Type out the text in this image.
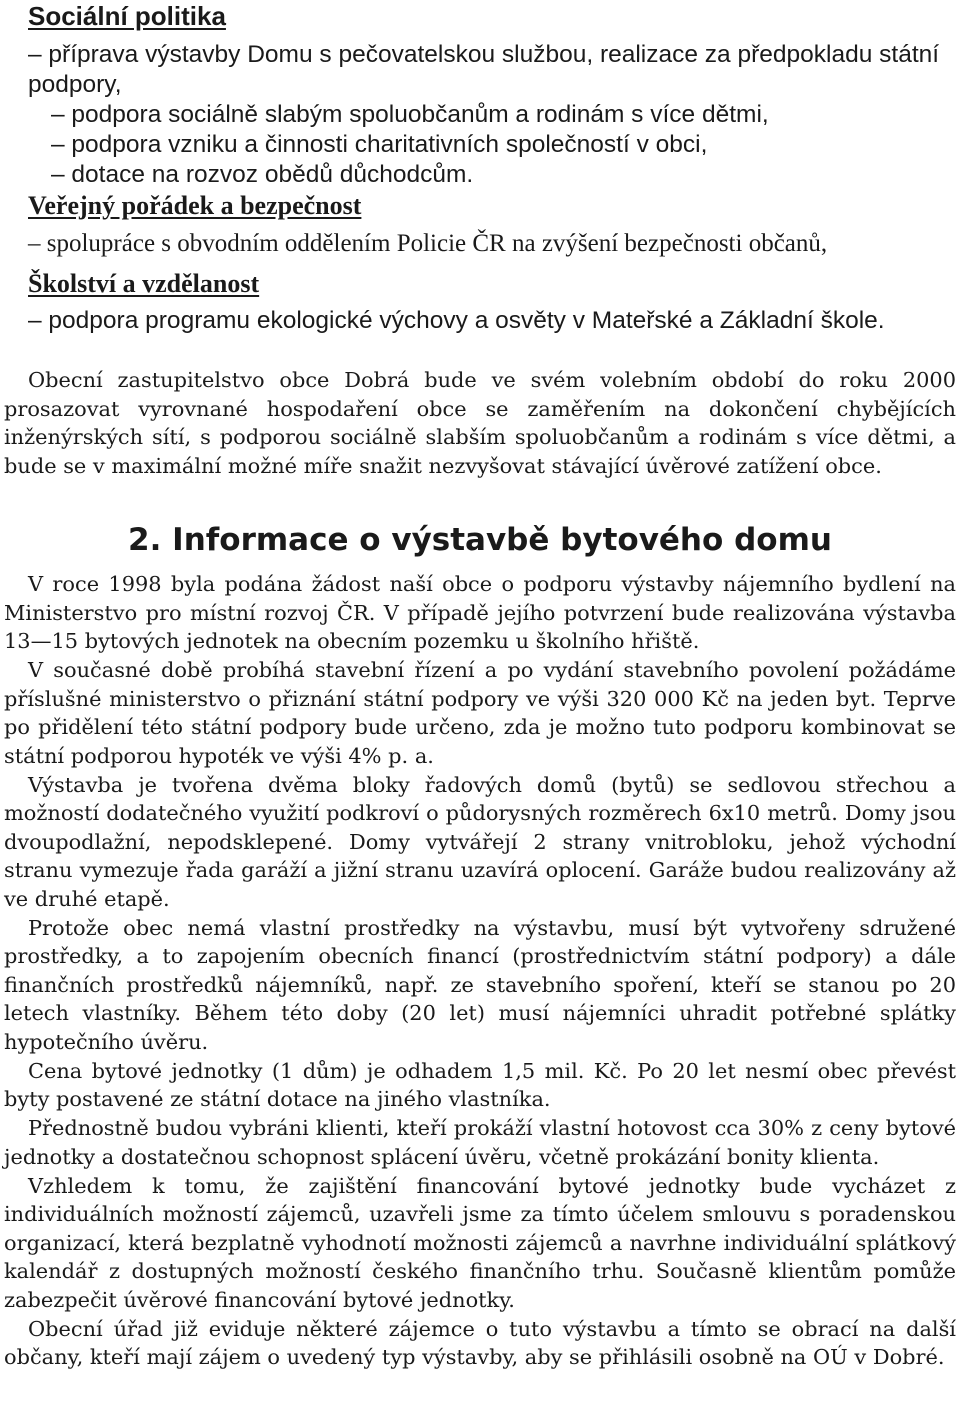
Sociální politika
– příprava výstavby Domu s pečovatelskou službou, realizace za předpokladu státní podpory,
– podpora sociálně slabým spoluobčanům a rodinám s více dětmi,
– podpora vzniku a činnosti charitativních společností v obci,
– dotace na rozvoz obědů důchodcům.
Veřejný pořádek a bezpečnost
– spolupráce s obvodním oddělením Policie ČR na zvýšení bezpečnosti občanů,
Školství a vzdělanost
– podpora programu ekologické výchovy a osvěty v Mateřské a Základní škole.

Obecní zastupitelstvo obce Dobrá bude ve svém volebním období do roku 2000 prosazovat vyrovnané hospodaření obce se zaměřením na dokončení chybějících inženýrských sítí, s podporou sociálně slabším spoluobčanům a rodinám s více dětmi, a bude se v maximální možné míře snažit nezvyšovat stávající úvěrové zatížení obce.

2. Informace o výstavbě bytového domu

V roce 1998 byla podána žádost naší obce o podporu výstavby nájemního bydlení na Ministerstvo pro místní rozvoj ČR. V případě jejího potvrzení bude realizována výstavba 13—15 bytových jednotek na obecním pozemku u školního hřiště.

V současné době probíhá stavební řízení a po vydání stavebního povolení požádáme příslušné ministerstvo o přiznání státní podpory ve výši 320 000 Kč na jeden byt. Teprve po přidělení této státní podpory bude určeno, zda je možno tuto podporu kombinovat se státní podporou hypoték ve výši 4% p. a.

Výstavba je tvořena dvěma bloky řadových domů (bytů) se sedlovou střechou a možností dodatečného využití podkroví o půdorysných rozměrech 6x10 metrů. Domy jsou dvoupodlažní, nepodsklepené. Domy vytvářejí 2 strany vnitrobloku, jehož východní stranu vymezuje řada garáží a jižní stranu uzavírá oplocení. Garáže budou realizovány až ve druhé etapě.

Protože obec nemá vlastní prostředky na výstavbu, musí být vytvořeny sdružené prostředky, a to zapojením obecních financí (prostřednictvím státní podpory) a dále finančních prostředků nájemníků, např. ze stavebního spoření, kteří se stanou po 20 letech vlastníky. Během této doby (20 let) musí nájemníci uhradit potřebné splátky hypotečního úvěru.

Cena bytové jednotky (1 dům) je odhadem 1,5 mil. Kč. Po 20 let nesmí obec převést byty postavené ze státní dotace na jiného vlastníka.

Přednostně budou vybráni klienti, kteří prokáží vlastní hotovost cca 30% z ceny bytové jednotky a dostatečnou schopnost splácení úvěru, včetně prokázání bonity klienta.

Vzhledem k tomu, že zajištění financování bytové jednotky bude vycházet z individuálních možností zájemců, uzavřeli jsme za tímto účelem smlouvu s poradenskou organizací, která bezplatně vyhodnotí možnosti zájemců a navrhne individuální splátkový kalendář z dostupných možností českého finančního trhu. Současně klientům pomůže zabezpečit úvěrové financování bytové jednotky.

Obecní úřad již eviduje některé zájemce o tuto výstavbu a tímto se obrací na další občany, kteří mají zájem o uvedený typ výstavby, aby se přihlásili osobně na OÚ v Dobré.
